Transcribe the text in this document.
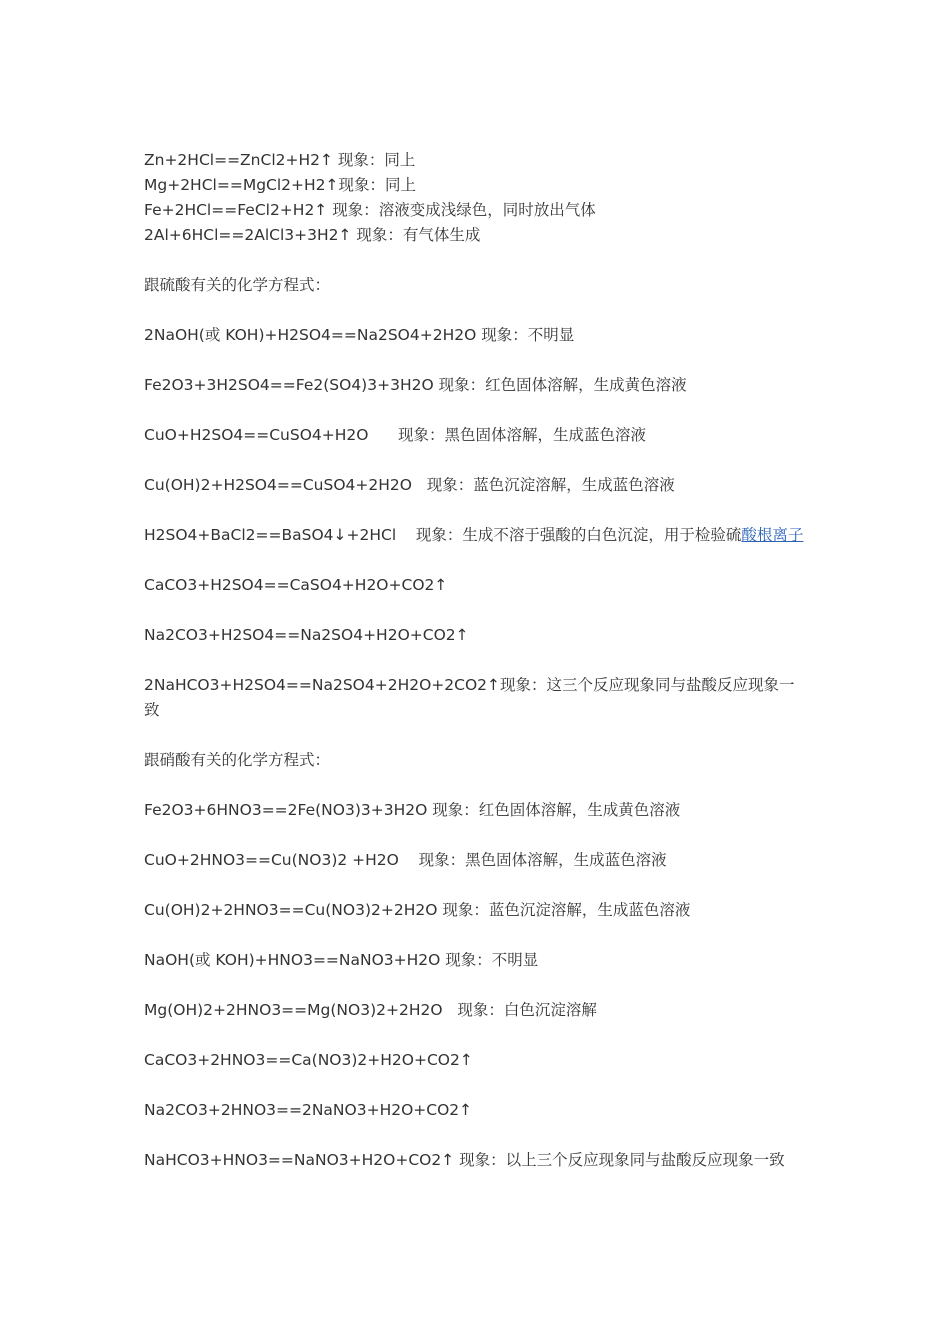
Zn+2HCl==ZnCl2+H2↑ 现象：同上

Mg+2HCl==MgCl2+H2↑现象：同上

Fe+2HCl==FeCl2+H2↑ 现象：溶液变成浅绿色，同时放出气体

2Al+6HCl==2AlCl3+3H2↑ 现象：有气体生成

跟硫酸有关的化学方程式：

2NaOH(或 KOH)+H2SO4==Na2SO4+2H2O 现象：不明显

Fe2O3+3H2SO4==Fe2(SO4)3+3H2O 现象：红色固体溶解，生成黄色溶液

CuO+H2SO4==CuSO4+H2O      现象：黑色固体溶解，生成蓝色溶液

Cu(OH)2+H2SO4==CuSO4+2H2O   现象：蓝色沉淀溶解，生成蓝色溶液

H2SO4+BaCl2==BaSO4↓+2HCl    现象：生成不溶于强酸的白色沉淀，用于检验硫酸根离子

CaCO3+H2SO4==CaSO4+H2O+CO2↑

Na2CO3+H2SO4==Na2SO4+H2O+CO2↑

2NaHCO3+H2SO4==Na2SO4+2H2O+2CO2↑现象：这三个反应现象同与盐酸反应现象一致

跟硝酸有关的化学方程式：

Fe2O3+6HNO3==2Fe(NO3)3+3H2O 现象：红色固体溶解，生成黄色溶液

CuO+2HNO3==Cu(NO3)2 +H2O    现象：黑色固体溶解，生成蓝色溶液

Cu(OH)2+2HNO3==Cu(NO3)2+2H2O 现象：蓝色沉淀溶解，生成蓝色溶液

NaOH(或 KOH)+HNO3==NaNO3+H2O 现象：不明显

Mg(OH)2+2HNO3==Mg(NO3)2+2H2O   现象：白色沉淀溶解

CaCO3+2HNO3==Ca(NO3)2+H2O+CO2↑

Na2CO3+2HNO3==2NaNO3+H2O+CO2↑

NaHCO3+HNO3==NaNO3+H2O+CO2↑ 现象：以上三个反应现象同与盐酸反应现象一致
